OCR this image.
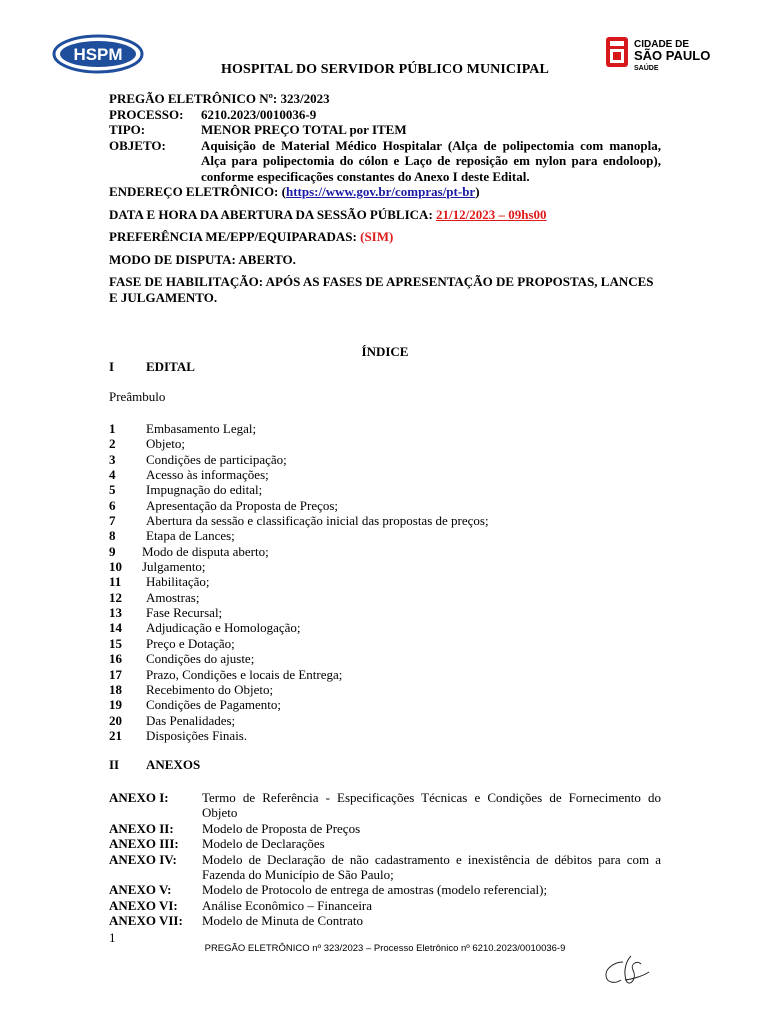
HSPM
CIDADE DE
SÃO PAULO
SAÚDE
HOSPITAL DO SERVIDOR PÚBLICO MUNICIPAL
PREGÃO ELETRÔNICO Nº: 323/2023
PROCESSO:	6210.2023/0010036-9
TIPO:	MENOR PREÇO TOTAL por ITEM
OBJETO:	Aquisição de Material Médico Hospitalar (Alça de polipectomia com manopla, Alça para polipectomia do cólon e Laço de reposição em nylon para endoloop), conforme especificações constantes do Anexo I deste Edital.
ENDEREÇO ELETRÔNICO: (https://www.gov.br/compras/pt-br)
DATA E HORA DA ABERTURA DA SESSÃO PÚBLICA: 21/12/2023 – 09hs00
PREFERÊNCIA ME/EPP/EQUIPARADAS: (SIM)
MODO DE DISPUTA: ABERTO.
FASE DE HABILITAÇÃO: APÓS AS FASES DE APRESENTAÇÃO DE PROPOSTAS, LANCES E JULGAMENTO.
ÍNDICE
I EDITAL
Preâmbulo
1	Embasamento Legal;
2	Objeto;
3	Condições de participação;
4	Acesso às informações;
5	Impugnação do edital;
6	Apresentação da Proposta de Preços;
7	Abertura da sessão e classificação inicial das propostas de preços;
8	Etapa de Lances;
9	Modo de disputa aberto;
10	Julgamento;
11	Habilitação;
12	Amostras;
13	Fase Recursal;
14	Adjudicação e Homologação;
15	Preço e Dotação;
16	Condições do ajuste;
17	Prazo, Condições e locais de Entrega;
18	Recebimento do Objeto;
19	Condições de Pagamento;
20	Das Penalidades;
21	Disposições Finais.
II ANEXOS
ANEXO I:	Termo de Referência - Especificações Técnicas e Condições de Fornecimento do Objeto
ANEXO II:	Modelo de Proposta de Preços
ANEXO III:	Modelo de Declarações
ANEXO IV:	Modelo de Declaração de não cadastramento e inexistência de débitos para com a Fazenda do Município de São Paulo;
ANEXO V:	Modelo de Protocolo de entrega de amostras (modelo referencial);
ANEXO VI:	Análise Econômico – Financeira
ANEXO VII:	Modelo de Minuta de Contrato
1
PREGÃO ELETRÔNICO nº 323/2023 – Processo Eletrônico nº 6210.2023/0010036-9
